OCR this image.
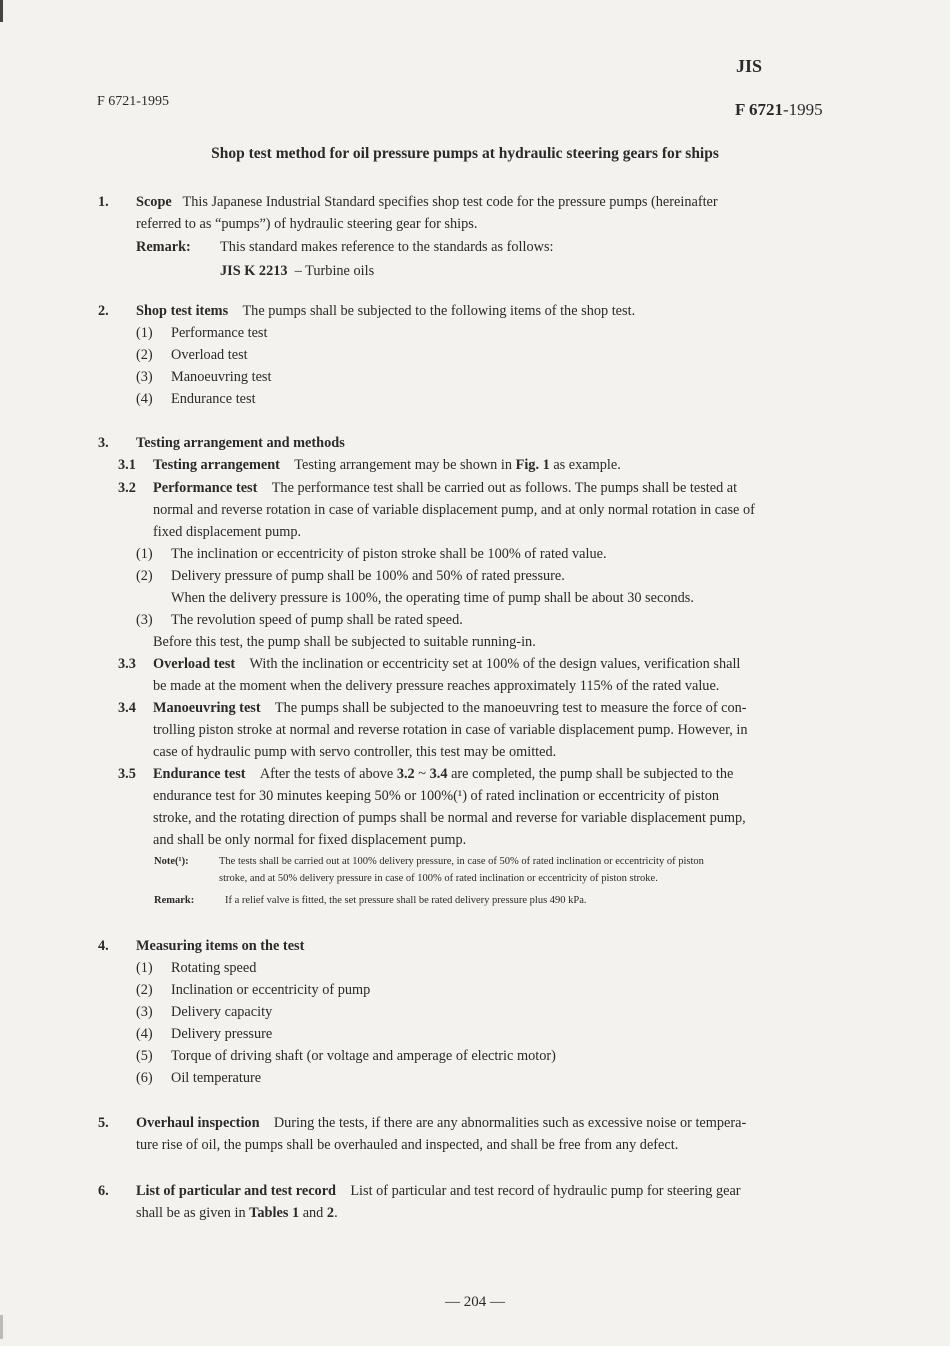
JIS
F 6721-1995	F 6721-1995
Shop test method for oil pressure pumps at hydraulic steering gears for ships
1. Scope This Japanese Industrial Standard specifies shop test code for the pressure pumps (hereinafter
referred to as “pumps”) of hydraulic steering gear for ships.
Remark: This standard makes reference to the standards as follows:
JIS K 2213 – Turbine oils
2. Shop test items The pumps shall be subjected to the following items of the shop test.
(1) Performance test
(2) Overload test
(3) Manoeuvring test
(4) Endurance test
3. Testing arrangement and methods
3.1 Testing arrangement Testing arrangement may be shown in Fig. 1 as example.
3.2 Performance test The performance test shall be carried out as follows. The pumps shall be tested at
normal and reverse rotation in case of variable displacement pump, and at only normal rotation in case of
fixed displacement pump.
(1) The inclination or eccentricity of piston stroke shall be 100% of rated value.
(2) Delivery pressure of pump shall be 100% and 50% of rated pressure.
When the delivery pressure is 100%, the operating time of pump shall be about 30 seconds.
(3) The revolution speed of pump shall be rated speed.
Before this test, the pump shall be subjected to suitable running-in.
3.3 Overload test With the inclination or eccentricity set at 100% of the design values, verification shall
be made at the moment when the delivery pressure reaches approximately 115% of the rated value.
3.4 Manoeuvring test The pumps shall be subjected to the manoeuvring test to measure the force of con-
trolling piston stroke at normal and reverse rotation in case of variable displacement pump. However, in
case of hydraulic pump with servo controller, this test may be omitted.
3.5 Endurance test After the tests of above 3.2 ~ 3.4 are completed, the pump shall be subjected to the
endurance test for 30 minutes keeping 50% or 100%(¹) of rated inclination or eccentricity of piston
stroke, and the rotating direction of pumps shall be normal and reverse for variable displacement pump,
and shall be only normal for fixed displacement pump.
Note(¹):	The tests shall be carried out at 100% delivery pressure, in case of 50% of rated inclination or eccentricity of piston
stroke, and at 50% delivery pressure in case of 100% of rated inclination or eccentricity of piston stroke.
Remark:	If a relief valve is fitted, the set pressure shall be rated delivery pressure plus 490 kPa.
4. Measuring items on the test
(1) Rotating speed
(2) Inclination or eccentricity of pump
(3) Delivery capacity
(4) Delivery pressure
(5) Torque of driving shaft (or voltage and amperage of electric motor)
(6) Oil temperature
5. Overhaul inspection During the tests, if there are any abnormalities such as excessive noise or tempera-
ture rise of oil, the pumps shall be overhauled and inspected, and shall be free from any defect.
6. List of particular and test record List of particular and test record of hydraulic pump for steering gear
shall be as given in Tables 1 and 2.
— 204 —
